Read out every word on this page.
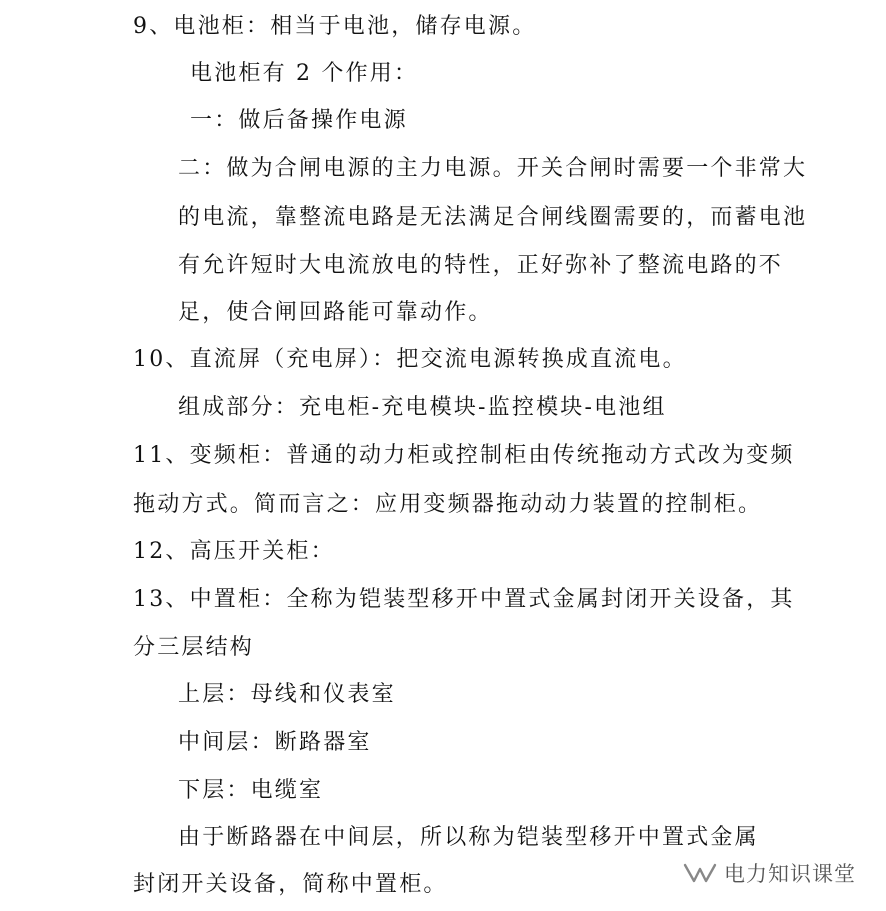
9、电池柜：相当于电池，储存电源。
电池柜有 2 个作用：
一：做后备操作电源
二：做为合闸电源的主力电源。开关合闸时需要一个非常大
的电流，靠整流电路是无法满足合闸线圈需要的，而蓄电池
有允许短时大电流放电的特性，正好弥补了整流电路的不
足，使合闸回路能可靠动作。
10、直流屏（充电屏）：把交流电源转换成直流电。
组成部分：充电柜-充电模块-监控模块-电池组
11、变频柜：普通的动力柜或控制柜由传统拖动方式改为变频
拖动方式。简而言之：应用变频器拖动动力装置的控制柜。
12、高压开关柜：
13、中置柜：全称为铠装型移开中置式金属封闭开关设备，其
分三层结构
上层：母线和仪表室
中间层：断路器室
下层：电缆室
由于断路器在中间层，所以称为铠装型移开中置式金属
封闭开关设备，简称中置柜。	电力知识课堂
